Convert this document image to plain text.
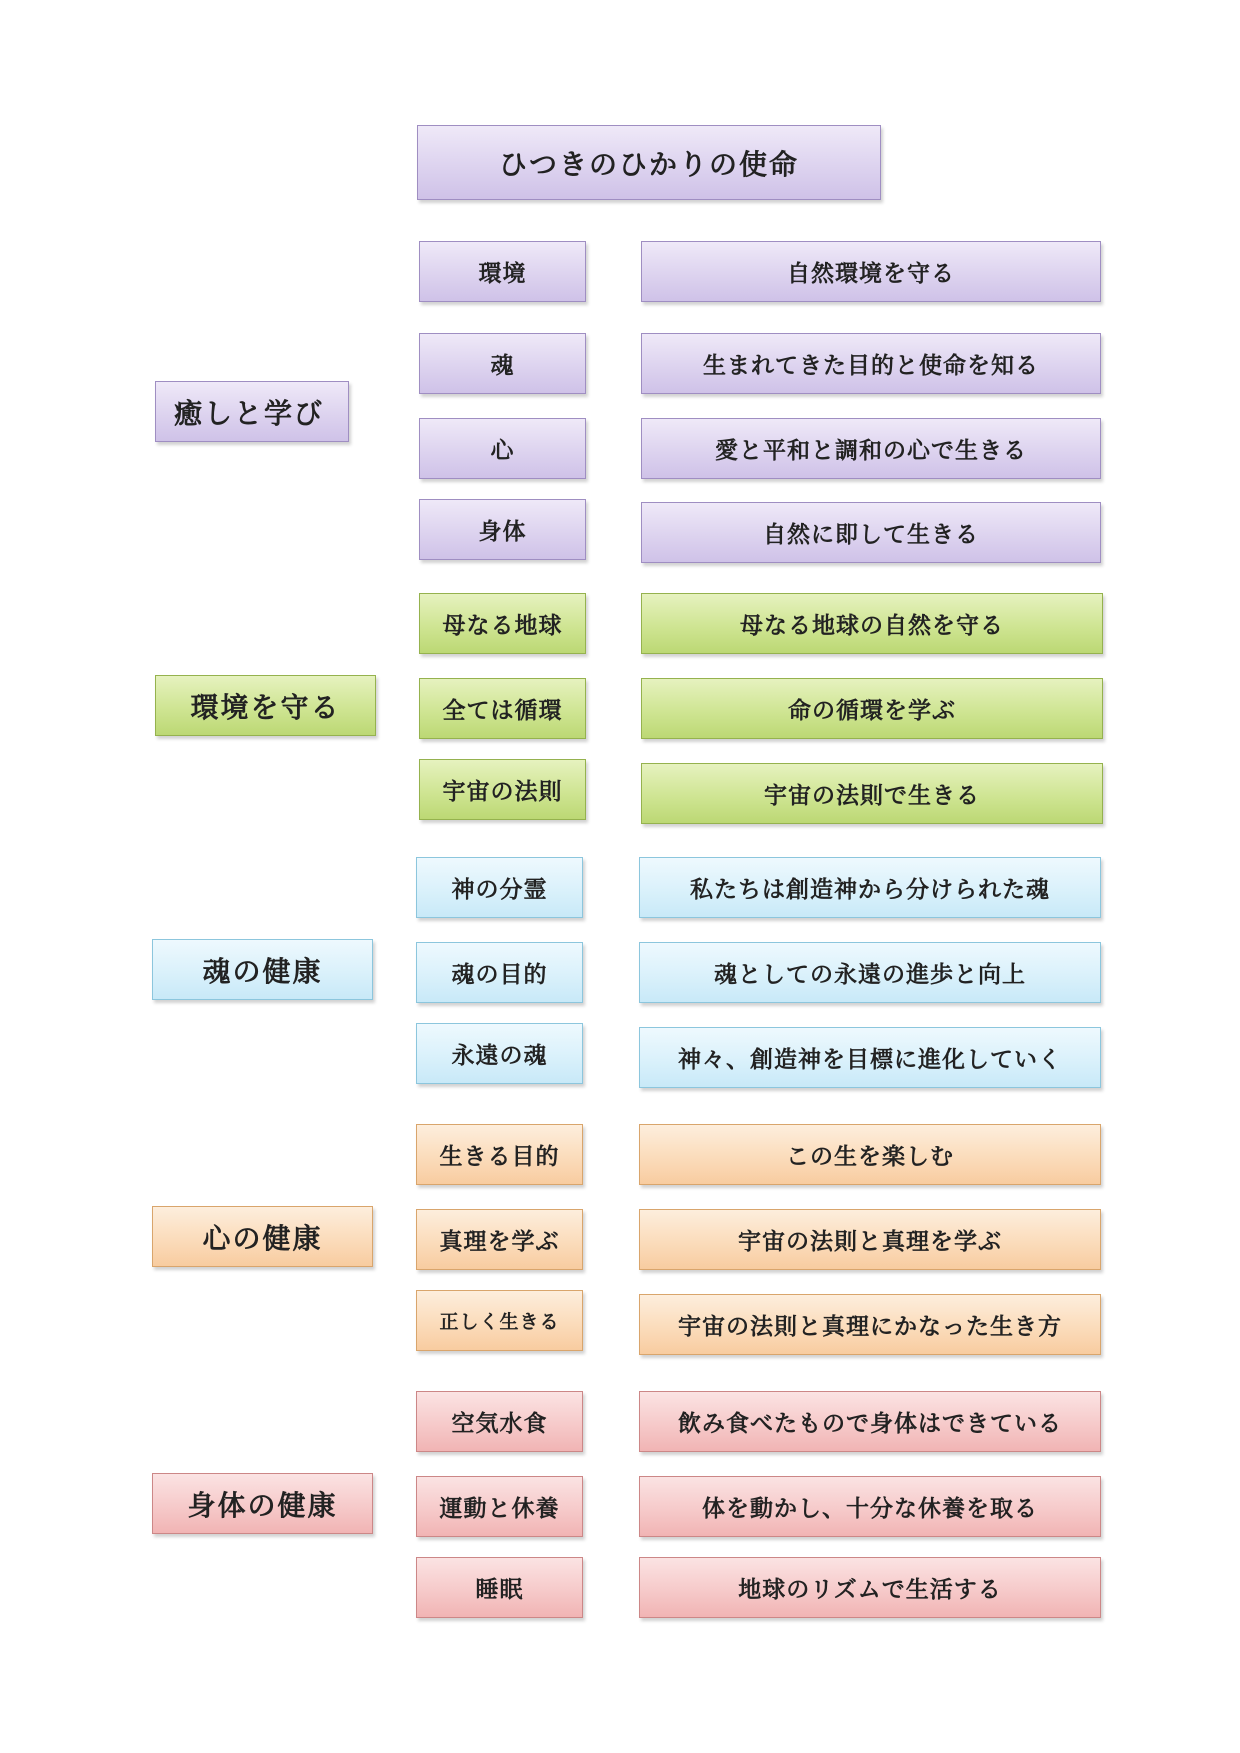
ひつきのひかりの使命
癒しと学び
環境	自然環境を守る
魂	生まれてきた目的と使命を知る
心	愛と平和と調和の心で生きる
身体	自然に即して生きる
環境を守る
母なる地球	母なる地球の自然を守る
全ては循環	命の循環を学ぶ
宇宙の法則	宇宙の法則で生きる
魂の健康
神の分霊	私たちは創造神から分けられた魂
魂の目的	魂としての永遠の進歩と向上
永遠の魂	神々、創造神を目標に進化していく
心の健康
生きる目的	この生を楽しむ
真理を学ぶ	宇宙の法則と真理を学ぶ
正しく生きる	宇宙の法則と真理にかなった生き方
身体の健康
空気水食	飲み食べたもので身体はできている
運動と休養	体を動かし、十分な休養を取る
睡眠	地球のリズムで生活する
